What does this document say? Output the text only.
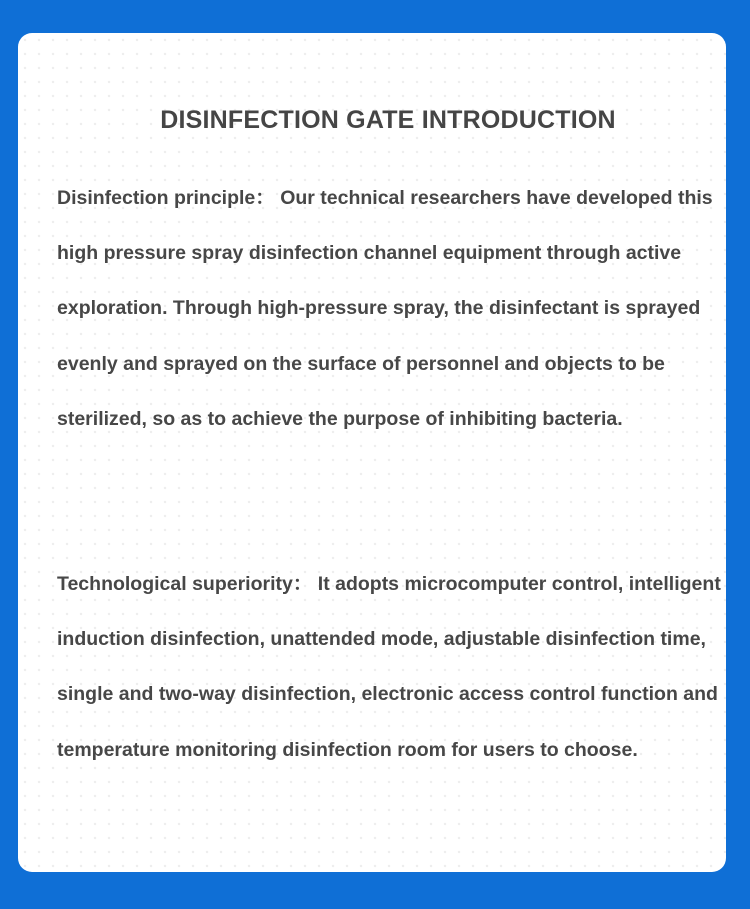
DISINFECTION GATE INTRODUCTION

Disinfection principle： Our technical researchers have developed this high pressure spray disinfection channel equipment through active exploration. Through high-pressure spray, the disinfectant is sprayed evenly and sprayed on the surface of personnel and objects to be sterilized, so as to achieve the purpose of inhibiting bacteria.

Technological superiority： It adopts microcomputer control, intelligent induction disinfection, unattended mode, adjustable disinfection time, single and two-way disinfection, electronic access control function and temperature monitoring disinfection room for users to choose.
